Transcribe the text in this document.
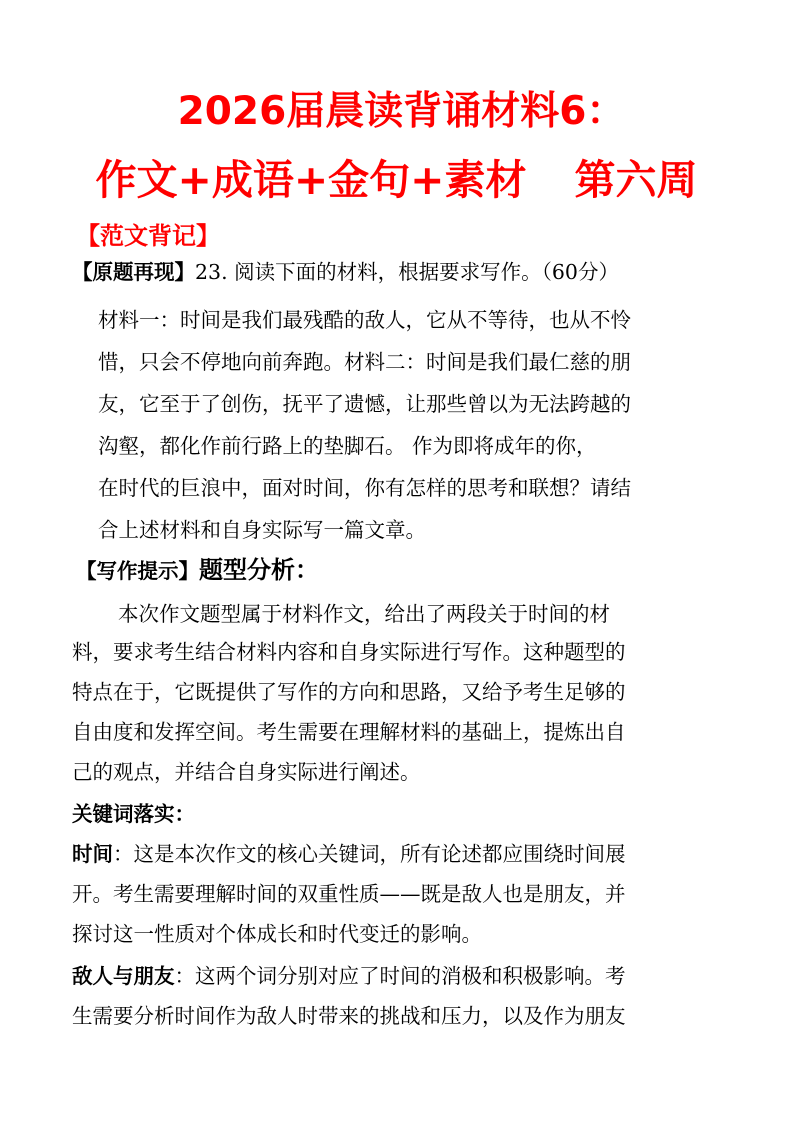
2026届晨读背诵材料6：
作文+成语+金句+素材 第六周
【范文背记】
【原题再现】23. 阅读下面的材料，根据要求写作。（60分）
材料一：时间是我们最残酷的敌人，它从不等待，也从不怜
惜，只会不停地向前奔跑。材料二：时间是我们最仁慈的朋
友，它至于了创伤，抚平了遗憾，让那些曾以为无法跨越的
沟壑，都化作前行路上的垫脚石。 作为即将成年的你，
在时代的巨浪中，面对时间，你有怎样的思考和联想？请结
合上述材料和自身实际写一篇文章。
【写作提示】题型分析：
本次作文题型属于材料作文，给出了两段关于时间的材
料，要求考生结合材料内容和自身实际进行写作。这种题型的
特点在于，它既提供了写作的方向和思路，又给予考生足够的
自由度和发挥空间。考生需要在理解材料的基础上，提炼出自
己的观点，并结合自身实际进行阐述。
关键词落实：
时间：这是本次作文的核心关键词，所有论述都应围绕时间展
开。考生需要理解时间的双重性质——既是敌人也是朋友，并
探讨这一性质对个体成长和时代变迁的影响。
敌人与朋友：这两个词分别对应了时间的消极和积极影响。考
生需要分析时间作为敌人时带来的挑战和压力，以及作为朋友
